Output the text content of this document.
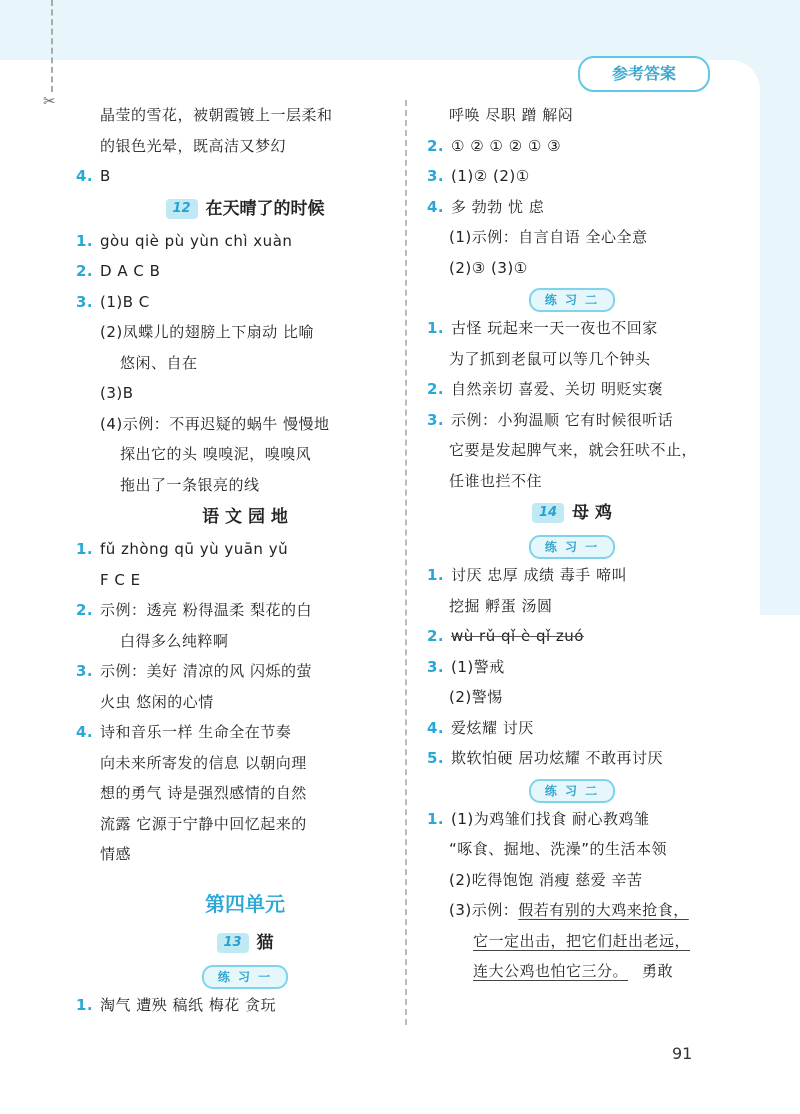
✂
参考答案
晶莹的雪花，被朝霞镀上一层柔和
的银色光晕，既高洁又梦幻
4. B
12 在天晴了的时候
1. gòu qiè pù yùn chì xuàn
2. D A C B
3. (1)B C
(2)凤蝶儿的翅膀上下扇动 比喻
悠闲、自在
(3)B
(4)示例：不再迟疑的蜗牛 慢慢地
探出它的头 嗅嗅泥，嗅嗅风
拖出了一条银亮的线
语 文 园 地
1. fǔ zhòng qū yù yuān yǔ
F C E
2. 示例：透亮 粉得温柔 梨花的白
白得多么纯粹啊
3. 示例：美好 清凉的风 闪烁的萤
火虫 悠闲的心情
4. 诗和音乐一样 生命全在节奏
向未来所寄发的信息 以朝向理
想的勇气 诗是强烈感情的自然
流露 它源于宁静中回忆起来的
情感
第四单元
13 猫
练 习 一
1. 淘气 遭殃 稿纸 梅花 贪玩
呼唤 尽职 蹭 解闷
2. ① ② ① ② ① ③
3. (1)② (2)①
4. 多 勃勃 忧 虑
(1)示例：自言自语 全心全意
(2)③ (3)①
练 习 二
1. 古怪 玩起来一天一夜也不回家
为了抓到老鼠可以等几个钟头
2. 自然亲切 喜爱、关切 明贬实褒
3. 示例：小狗温顺 它有时候很听话
它要是发起脾气来，就会狂吠不止，
任谁也拦不住
14 母 鸡
练 习 一
1. 讨厌 忠厚 成绩 毒手 啼叫
挖掘 孵蛋 汤圆
2. wù rǔ qǐ è qǐ zuó
3. (1)警戒
(2)警惕
4. 爱炫耀 讨厌
5. 欺软怕硬 居功炫耀 不敢再讨厌
练 习 二
1. (1)为鸡雏们找食 耐心教鸡雏
“啄食、掘地、洗澡”的生活本领
(2)吃得饱饱 消瘦 慈爱 辛苦
(3)示例：假若有别的大鸡来抢食，
它一定出击，把它们赶出老远，
连大公鸡也怕它三分。 勇敢
91
